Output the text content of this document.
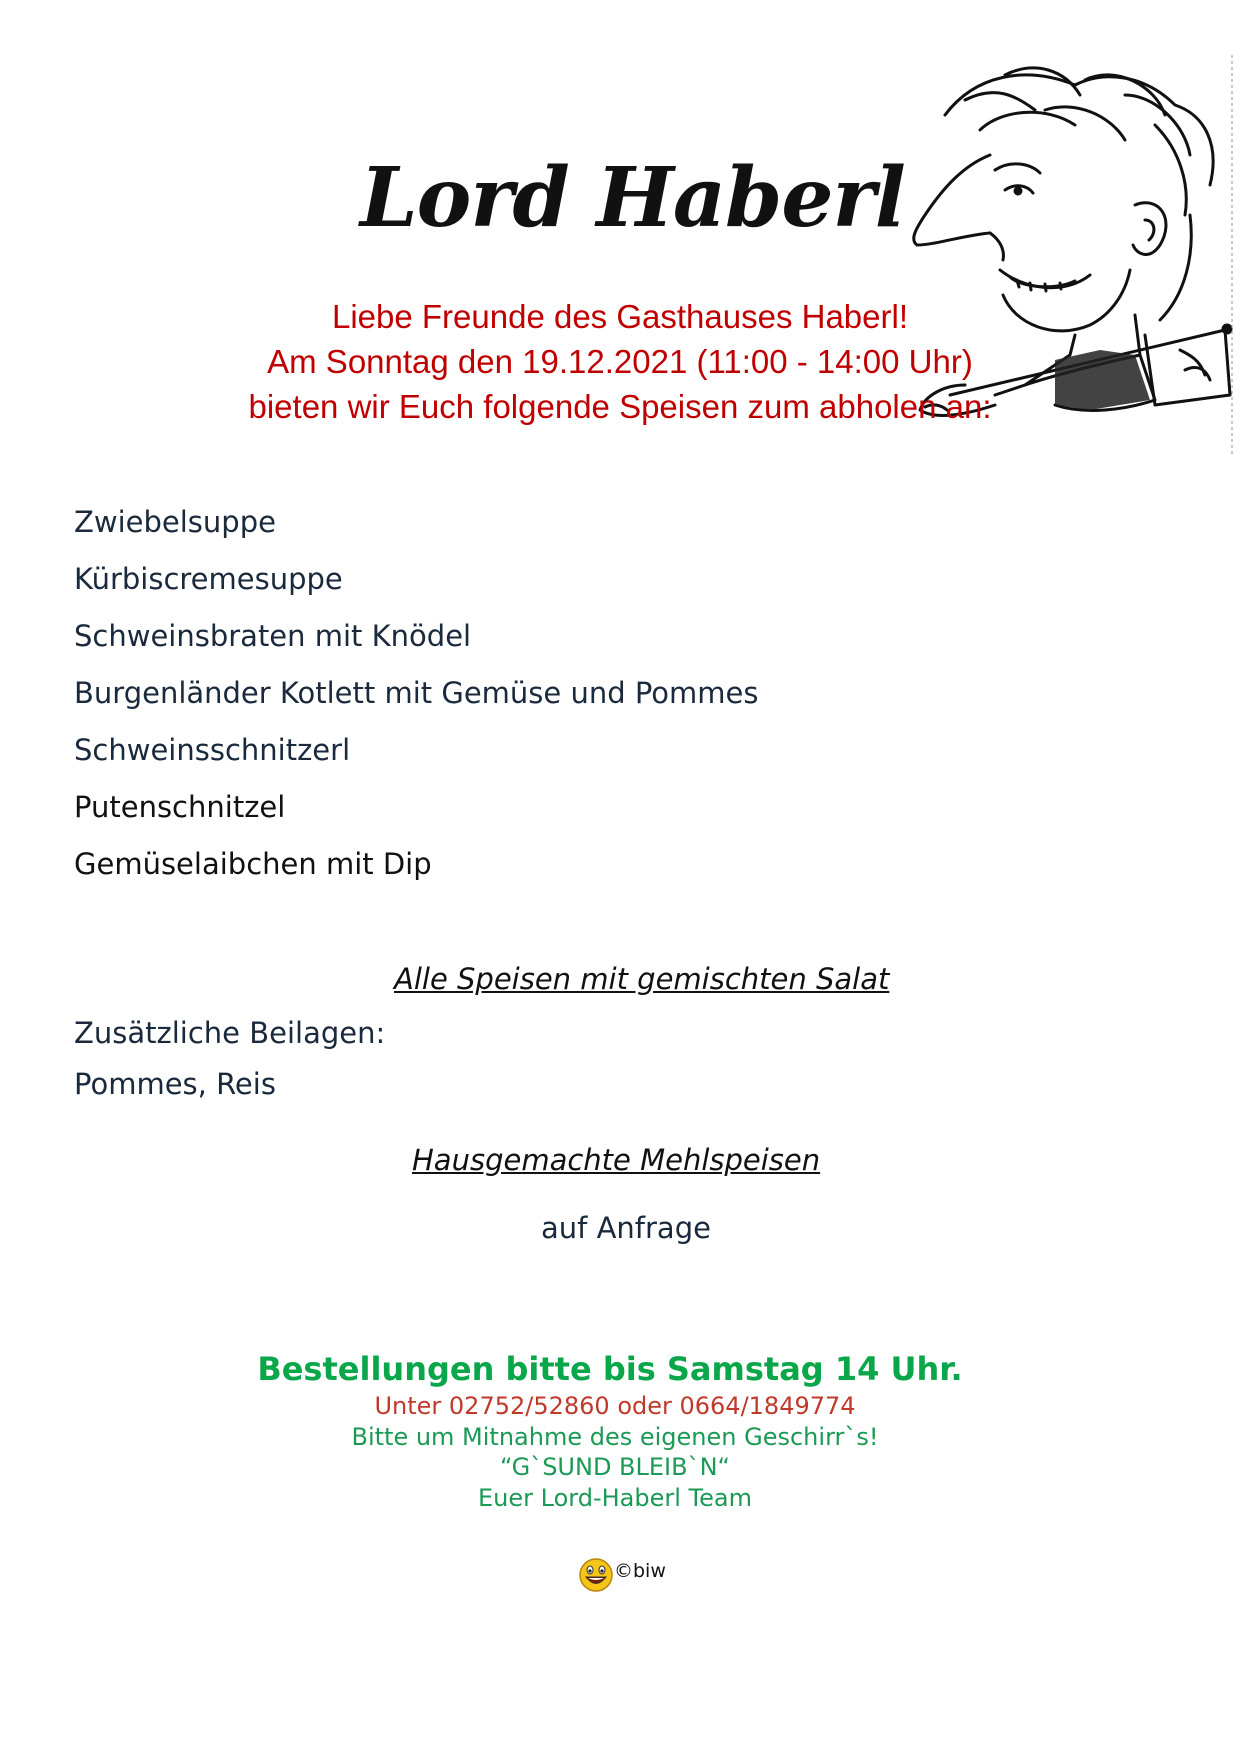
Lord Haberl
Liebe Freunde des Gasthauses Haberl!
Am Sonntag den 19.12.2021 (11:00 - 14:00 Uhr)
bieten wir Euch folgende Speisen zum abholen an:
Zwiebelsuppe
Kürbiscremesuppe
Schweinsbraten mit Knödel
Burgenländer Kotlett mit Gemüse und Pommes
Schweinsschnitzerl
Putenschnitzel
Gemüselaibchen mit Dip
Alle Speisen mit gemischten Salat
Zusätzliche Beilagen:
Pommes, Reis
Hausgemachte Mehlspeisen
auf Anfrage
Bestellungen bitte bis Samstag 14 Uhr.
Unter 02752/52860 oder 0664/1849774
Bitte um Mitnahme des eigenen Geschirr`s!
“G`SUND BLEIB`N“
Euer Lord-Haberl Team
©biw
